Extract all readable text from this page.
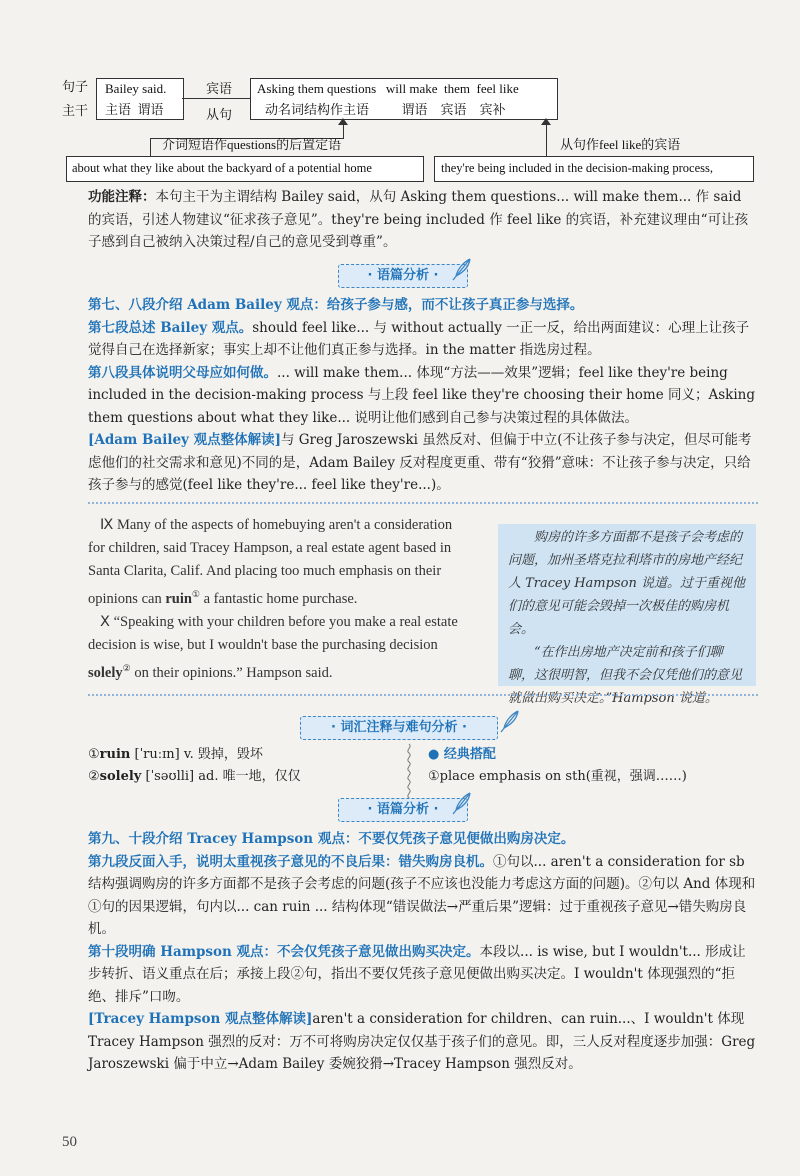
句子
主干
Bailey said.
主语  谓语
宾语
从句
Asking them questions   will make  them  feel like
动名词结构作主语          谓语    宾语    宾补
介词短语作questions的后置定语	从句作feel like的宾语
about what they like about the backyard of a potential home	they're being included in the decision-making process,
功能注释：本句主干为主谓结构 Bailey said，从句 Asking them questions... will make them... 作 said 的宾语，引述人物建议“征求孩子意见”。they're being included 作 feel like 的宾语，补充建议理由“可让孩子感到自己被纳入决策过程/自己的意见受到尊重”。
· 语篇分析 ·
第七、八段介绍 Adam Bailey 观点：给孩子参与感，而不让孩子真正参与选择。
第七段总述 Bailey 观点。should feel like... 与 without actually 一正一反，给出两面建议：心理上让孩子觉得自己在选择新家；事实上却不让他们真正参与选择。in the matter 指选房过程。
第八段具体说明父母应如何做。... will make them... 体现“方法——效果”逻辑；feel like they're being included in the decision-making process 与上段 feel like they're choosing their home 同义；Asking them questions about what they like... 说明让他们感到自己参与决策过程的具体做法。
[Adam Bailey 观点整体解读]与 Greg Jaroszewski 虽然反对、但偏于中立(不让孩子参与决定，但尽可能考虑他们的社交需求和意见)不同的是，Adam Bailey 反对程度更重、带有“狡猾”意味：不让孩子参与决定，只给孩子参与的感觉(feel like they're... feel like they're...)。
Ⅸ Many of the aspects of homebuying aren't a consideration for children, said Tracey Hampson, a real estate agent based in Santa Clarita, Calif. And placing too much emphasis on their opinions can ruin① a fantastic home purchase.
Ⅹ “Speaking with your children before you make a real estate decision is wise, but I wouldn't base the purchasing decision solely② on their opinions.” Hampson said.
购房的许多方面都不是孩子会考虑的问题，加州圣塔克拉利塔市的房地产经纪人 Tracey Hampson 说道。过于重视他们的意见可能会毁掉一次极佳的购房机会。
“在作出房地产决定前和孩子们聊聊，这很明智，但我不会仅凭他们的意见就做出购买决定。”Hampson 说道。
· 词汇注释与难句分析 ·
①ruin [ˈruːɪn] v. 毁掉，毁坏
②solely [ˈsəʊlli] ad. 唯一地，仅仅
● 经典搭配
①place emphasis on sth(重视，强调……)
· 语篇分析 ·
第九、十段介绍 Tracey Hampson 观点：不要仅凭孩子意见便做出购房决定。
第九段反面入手，说明太重视孩子意见的不良后果：错失购房良机。①句以... aren't a consideration for sb 结构强调购房的许多方面都不是孩子会考虑的问题(孩子不应该也没能力考虑这方面的问题)。②句以 And 体现和①句的因果逻辑，句内以... can ruin ... 结构体现“错误做法→严重后果”逻辑：过于重视孩子意见→错失购房良机。
第十段明确 Hampson 观点：不会仅凭孩子意见做出购买决定。本段以... is wise, but I wouldn't... 形成让步转折、语义重点在后；承接上段②句，指出不要仅凭孩子意见便做出购买决定。I wouldn't 体现强烈的“拒绝、排斥”口吻。
[Tracey Hampson 观点整体解读]aren't a consideration for children、can ruin...、I wouldn't 体现 Tracey Hampson 强烈的反对：万不可将购房决定仅仅基于孩子们的意见。即，三人反对程度逐步加强：Greg Jaroszewski 偏于中立→Adam Bailey 委婉狡猾→Tracey Hampson 强烈反对。
50
